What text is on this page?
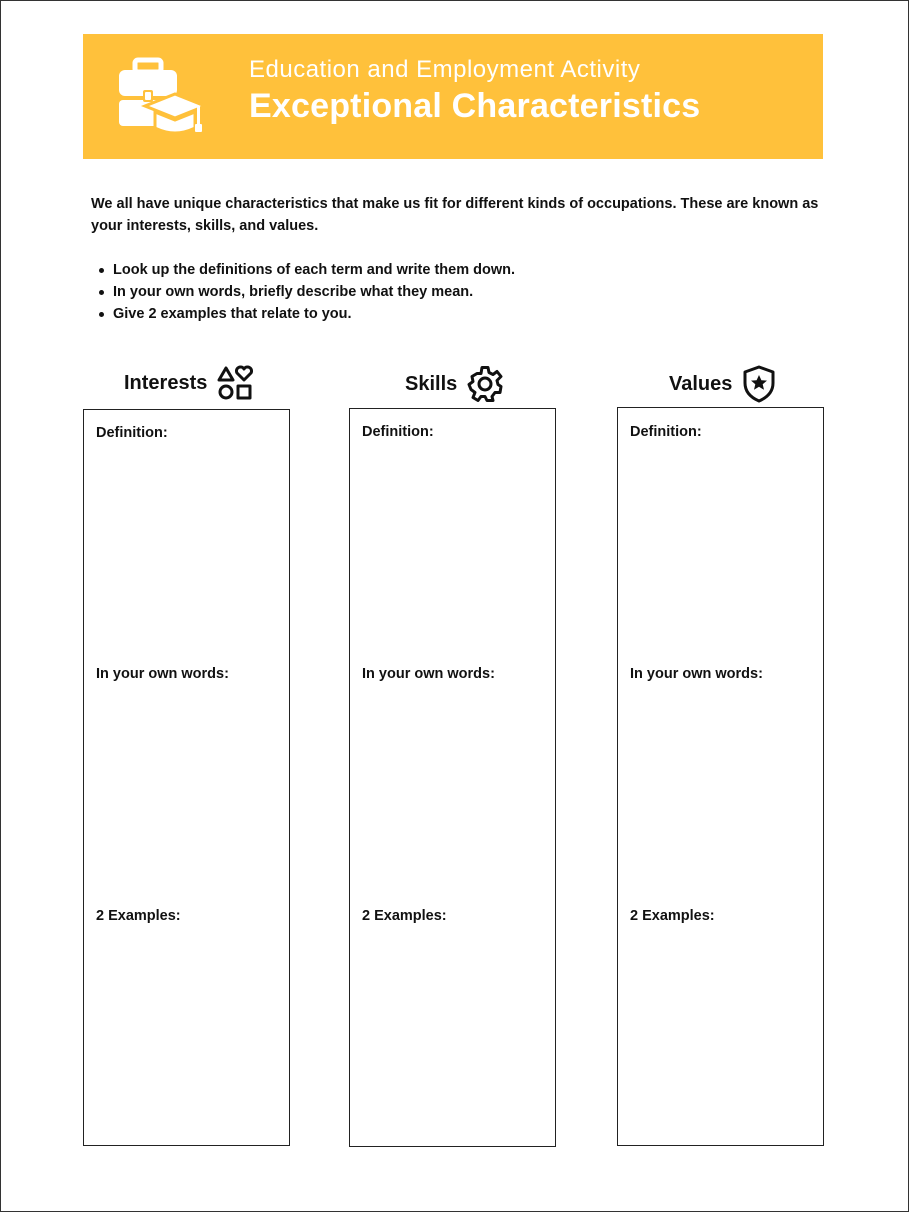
Education and Employment Activity
Exceptional Characteristics
We all have unique characteristics that make us fit for different kinds of occupations. These are known as your interests, skills, and values.
Look up the definitions of each term and write them down.
In your own words, briefly describe what they mean.
Give 2 examples that relate to you.
Interests
Definition:
In your own words:
2 Examples:
Skills
Definition:
In your own words:
2 Examples:
Values
Definition:
In your own words:
2 Examples:
